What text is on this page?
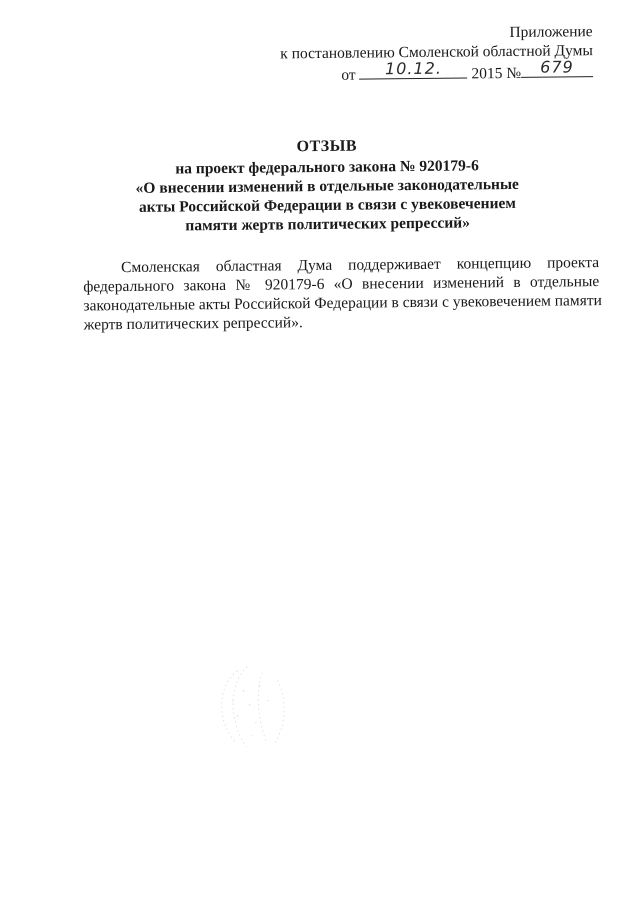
Приложение
к постановлению Смоленской областной Думы
от	10.12.	2015 №	679
ОТЗЫВ
на проект федерального закона № 920179-6
«О внесении изменений в отдельные законодательные
акты Российской Федерации в связи с увековечением
памяти жертв политических репрессий»
Смоленская областная Дума поддерживает концепцию проекта
федерального закона № 920179-6 «О внесении изменений в отдельные
законодательные акты Российской Федерации в связи с увековечением памяти
жертв политических репрессий».
